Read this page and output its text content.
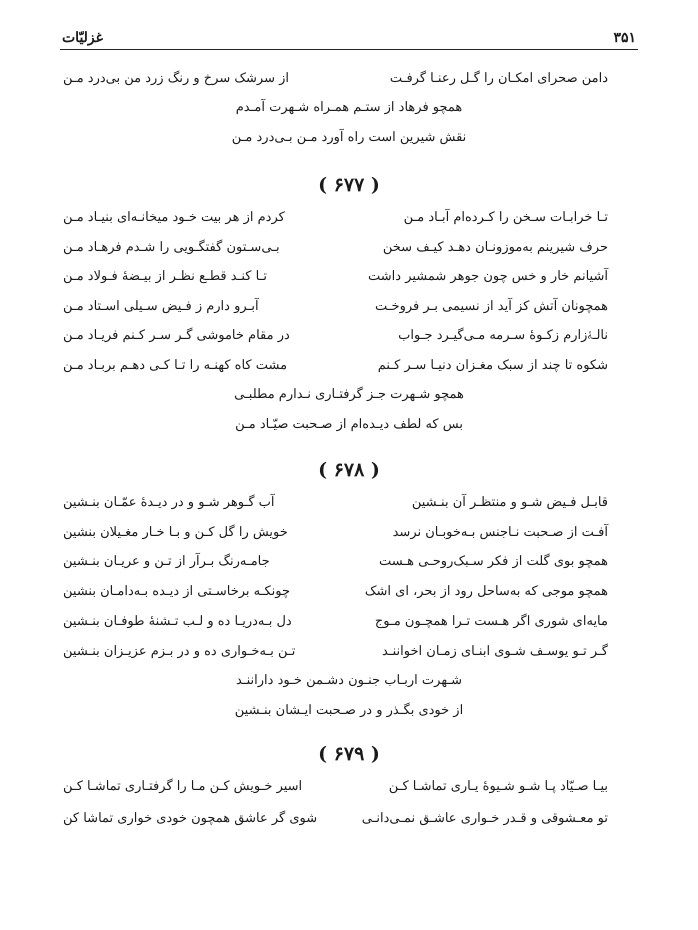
۳۵۱
غزلیّات
دامن صحرای امکـان را گـل رعنـا گرفـت
از سرشک سرخ و رنگ زرد من بی‌درد مـن
همچو فرهاد از ستـم همـراه شـهرت آمـدم
نقش شیرین است راه آورد مـن بـی‌درد مـن
( ۶۷۷ )
تـا خرابـات سـخن را کـرده‌ام آبـاد مـن
کردم از هر بیت خـود میخانـه‌ای بنیـاد مـن
حرف شیرینم به‌موزونـان دهـد کیـف سخن
بـی‌سـتون گفتگـویی را شـدم فرهـاد مـن
آشیانم خار و خس چون جوهر شمشیر داشت
تـا کنـد قطـع نظـر از بیـضهٔ فـولاد مـن
همچونان آتش کز آید از نسیمی بـر فروخـت
آبـرو دارم ز فـیض سـیلی اسـتاد مـن
نالـﮥزارم زکـوهٔ سـرمه مـی‌گیـرد جـواب
در مقام خاموشی گـر سـر کـنم فریـاد مـن
شکوه تا چند از سبک مغـزان دنیـا سـر کـنم
مشت کاه کهنـه را تـا کـی دهـم بربـاد مـن
همچو شـهرت جـز گرفتـاری نـدارم مطلبـی
بس که لطف دیـده‌ام از صـحبت صیّـاد مـن
( ۶۷۸ )
قابـل فـیض شـو و منتظـر آن بنـشین
آب گـوهر شـو و در دیـدهٔ عمّـان بنـشین
آفـت از صـحبت نـاجنس بـه‌خوبـان نرسد
خویش را گل کـن و بـا خـار مغـیلان بنشین
همچو بوی گلت از فکر سـبک‌روحـی هـست
جامـه‌رنگ بـرآر از تـن و عریـان بنـشین
همچو موجی که به‌ساحل رود از بحر، ای اشک
چونکـه برخاسـتی از دیـده بـه‌دامـان بنشین
مایه‌ای شوری اگر هـست تـرا همچـون مـوج
دل بـه‌دریـا ده و لـب تـشنهٔ طوفـان بنـشین
گـر تـو یوسـف شـوی ابنـای زمـان اخواننـد
تـن بـه‌خـواری ده و در بـزم عزیـزان بنـشین
شـهرت اربـاب جنـون دشـمن خـود داراننـد
از خودی بگـذر و در صـحبت ایـشان بنـشین
( ۶۷۹ )
بیـا صـیّاد پـا شـو شـیوهٔ یـاری تماشـا کـن
اسیر خـویش کـن مـا را گرفتـاری تماشـا کـن
تو معـشوقی و قـدر خـواری عاشـق نمـی‌دانـی
شوی گر عاشق همچون خودی خواری تماشا کن
